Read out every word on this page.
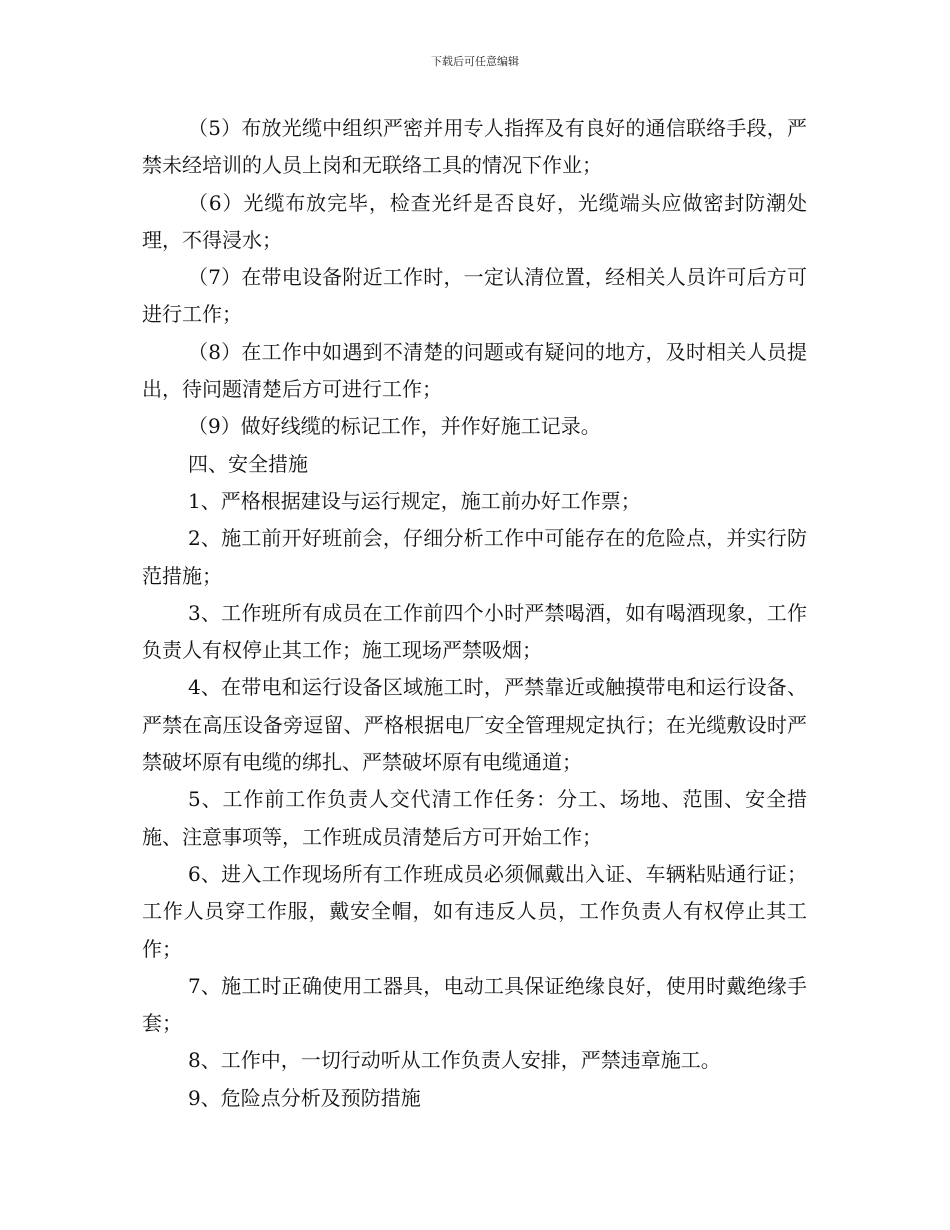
下载后可任意编辑

（5）布放光缆中组织严密并用专人指挥及有良好的通信联络手段，严禁未经培训的人员上岗和无联络工具的情况下作业；

（6）光缆布放完毕，检查光纤是否良好，光缆端头应做密封防潮处理，不得浸水；

（7）在带电设备附近工作时，一定认清位置，经相关人员许可后方可进行工作；

（8）在工作中如遇到不清楚的问题或有疑问的地方，及时相关人员提出，待问题清楚后方可进行工作；

（9）做好线缆的标记工作，并作好施工记录。

四、安全措施

1、严格根据建设与运行规定，施工前办好工作票；

2、施工前开好班前会，仔细分析工作中可能存在的危险点，并实行防范措施；

3、工作班所有成员在工作前四个小时严禁喝酒，如有喝酒现象，工作负责人有权停止其工作；施工现场严禁吸烟；

4、在带电和运行设备区域施工时，严禁靠近或触摸带电和运行设备、严禁在高压设备旁逗留、严格根据电厂安全管理规定执行；在光缆敷设时严禁破坏原有电缆的绑扎、严禁破坏原有电缆通道；

5、工作前工作负责人交代清工作任务：分工、场地、范围、安全措施、注意事项等，工作班成员清楚后方可开始工作；

6、进入工作现场所有工作班成员必须佩戴出入证、车辆粘贴通行证；工作人员穿工作服，戴安全帽，如有违反人员，工作负责人有权停止其工作；

7、施工时正确使用工器具，电动工具保证绝缘良好，使用时戴绝缘手套；

8、工作中，一切行动听从工作负责人安排，严禁违章施工。

9、危险点分析及预防措施
